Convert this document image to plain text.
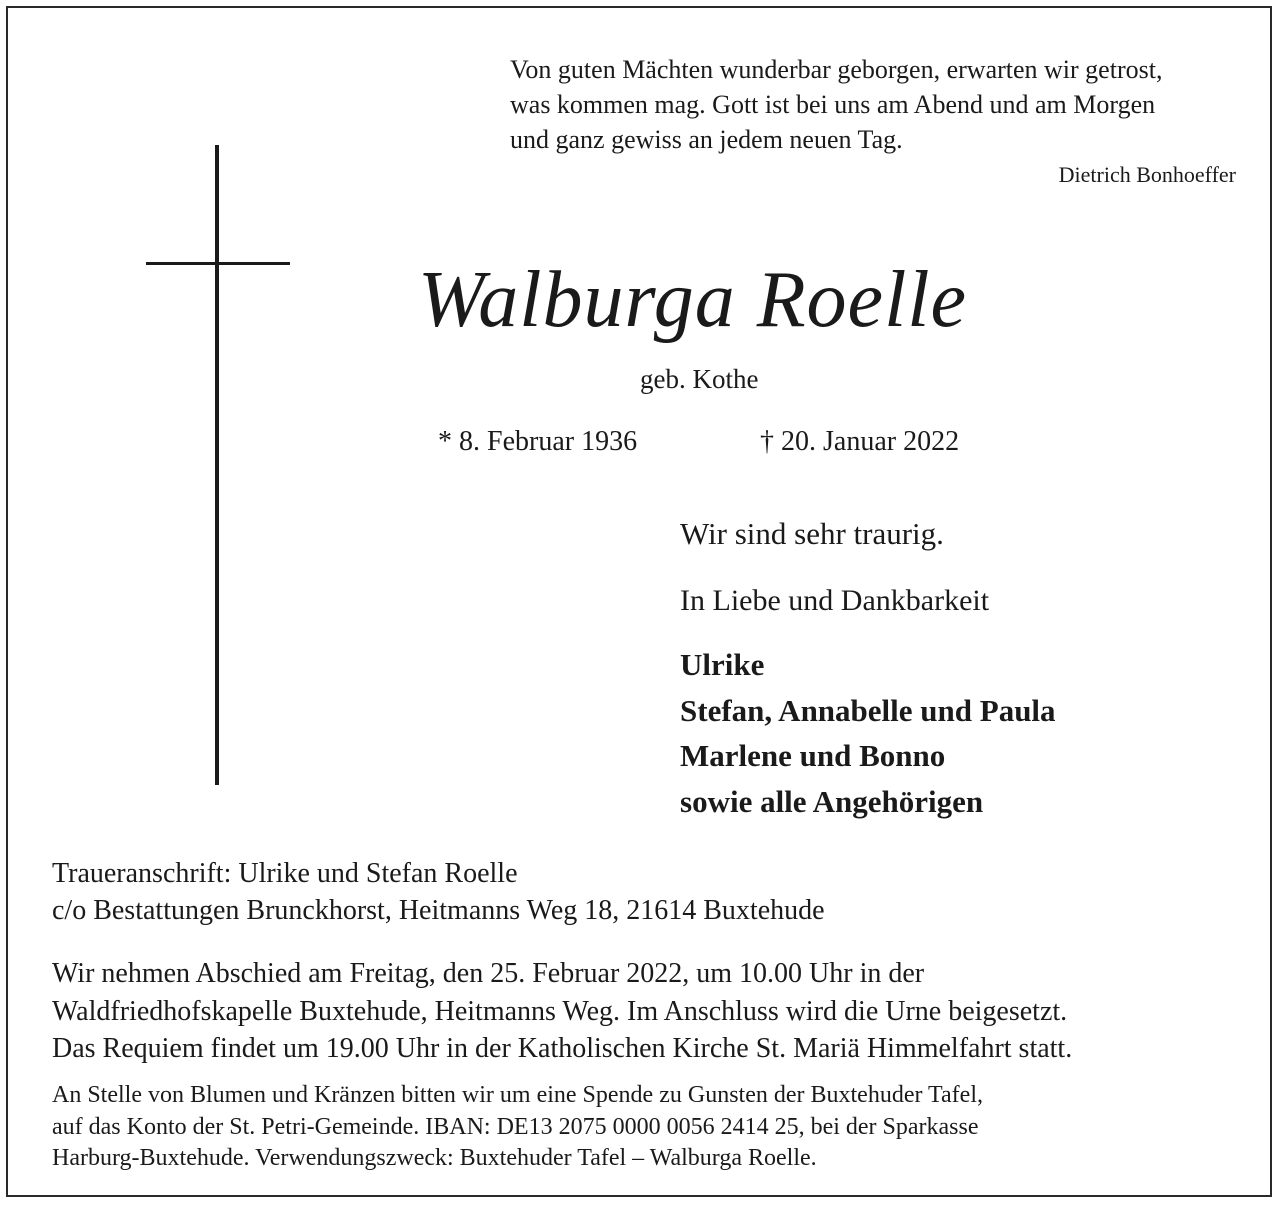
Von guten Mächten wunderbar geborgen, erwarten wir getrost,
was kommen mag. Gott ist bei uns am Abend und am Morgen
und ganz gewiss an jedem neuen Tag.
Dietrich Bonhoeffer
Walburga Roelle
geb. Kothe
* 8. Februar 1936	† 20. Januar 2022
Wir sind sehr traurig.
In Liebe und Dankbarkeit
Ulrike
Stefan, Annabelle und Paula
Marlene und Bonno
sowie alle Angehörigen
Traueranschrift: Ulrike und Stefan Roelle
c/o Bestattungen Brunckhorst, Heitmanns Weg 18, 21614 Buxtehude
Wir nehmen Abschied am Freitag, den 25. Februar 2022, um 10.00 Uhr in der
Waldfriedhofskapelle Buxtehude, Heitmanns Weg. Im Anschluss wird die Urne beigesetzt.
Das Requiem findet um 19.00 Uhr in der Katholischen Kirche St. Mariä Himmelfahrt statt.
An Stelle von Blumen und Kränzen bitten wir um eine Spende zu Gunsten der Buxtehuder Tafel,
auf das Konto der St. Petri-Gemeinde. IBAN: DE13 2075 0000 0056 2414 25, bei der Sparkasse
Harburg-Buxtehude. Verwendungszweck: Buxtehuder Tafel – Walburga Roelle.
